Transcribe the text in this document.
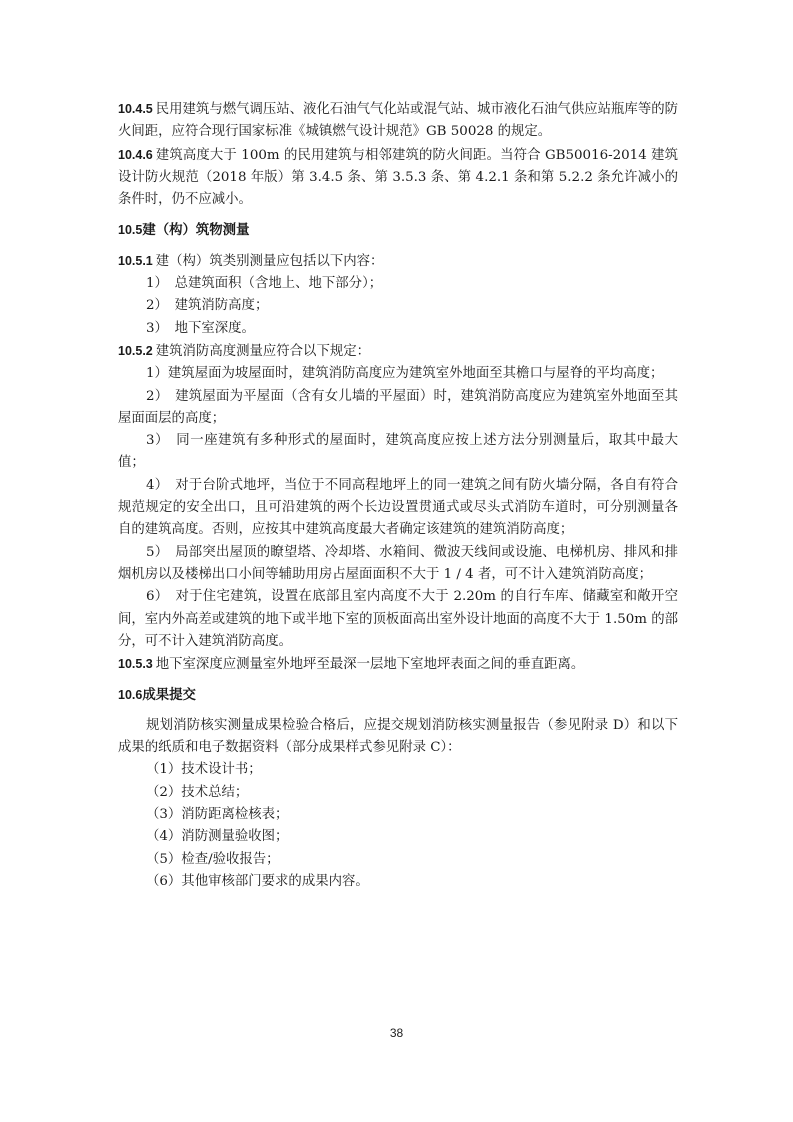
10.4.5 民用建筑与燃气调压站、液化石油气气化站或混气站、城市液化石油气供应站瓶库等的防火间距，应符合现行国家标准《城镇燃气设计规范》GB 50028 的规定。

10.4.6 建筑高度大于 100m 的民用建筑与相邻建筑的防火间距。当符合 GB50016-2014 建筑设计防火规范（2018 年版）第 3.4.5 条、第 3.5.3 条、第 4.2.1 条和第 5.2.2 条允许减小的条件时，仍不应减小。

10.5建（构）筑物测量

10.5.1 建（构）筑类别测量应包括以下内容：

1）　总建筑面积（含地上、地下部分）；

2）　建筑消防高度；

3）　地下室深度。

10.5.2 建筑消防高度测量应符合以下规定：

1）建筑屋面为坡屋面时，建筑消防高度应为建筑室外地面至其檐口与屋脊的平均高度；

2）　建筑屋面为平屋面（含有女儿墙的平屋面）时，建筑消防高度应为建筑室外地面至其屋面面层的高度；

3）　同一座建筑有多种形式的屋面时，建筑高度应按上述方法分别测量后，取其中最大值；

4）　对于台阶式地坪，当位于不同高程地坪上的同一建筑之间有防火墙分隔，各自有符合规范规定的安全出口，且可沿建筑的两个长边设置贯通式或尽头式消防车道时，可分别测量各自的建筑高度。否则，应按其中建筑高度最大者确定该建筑的建筑消防高度；

5）　局部突出屋顶的瞭望塔、冷却塔、水箱间、微波天线间或设施、电梯机房、排风和排烟机房以及楼梯出口小间等辅助用房占屋面面积不大于 1 / 4 者，可不计入建筑消防高度；

6）　对于住宅建筑，设置在底部且室内高度不大于 2.20m 的自行车库、储藏室和敞开空间，室内外高差或建筑的地下或半地下室的顶板面高出室外设计地面的高度不大于 1.50m 的部分，可不计入建筑消防高度。

10.5.3 地下室深度应测量室外地坪至最深一层地下室地坪表面之间的垂直距离。

10.6成果提交

规划消防核实测量成果检验合格后，应提交规划消防核实测量报告（参见附录 D）和以下成果的纸质和电子数据资料（部分成果样式参见附录 C）：

（1）技术设计书；

（2）技术总结；

（3）消防距离检核表；

（4）消防测量验收图；

（5）检查/验收报告；

（6）其他审核部门要求的成果内容。

38
